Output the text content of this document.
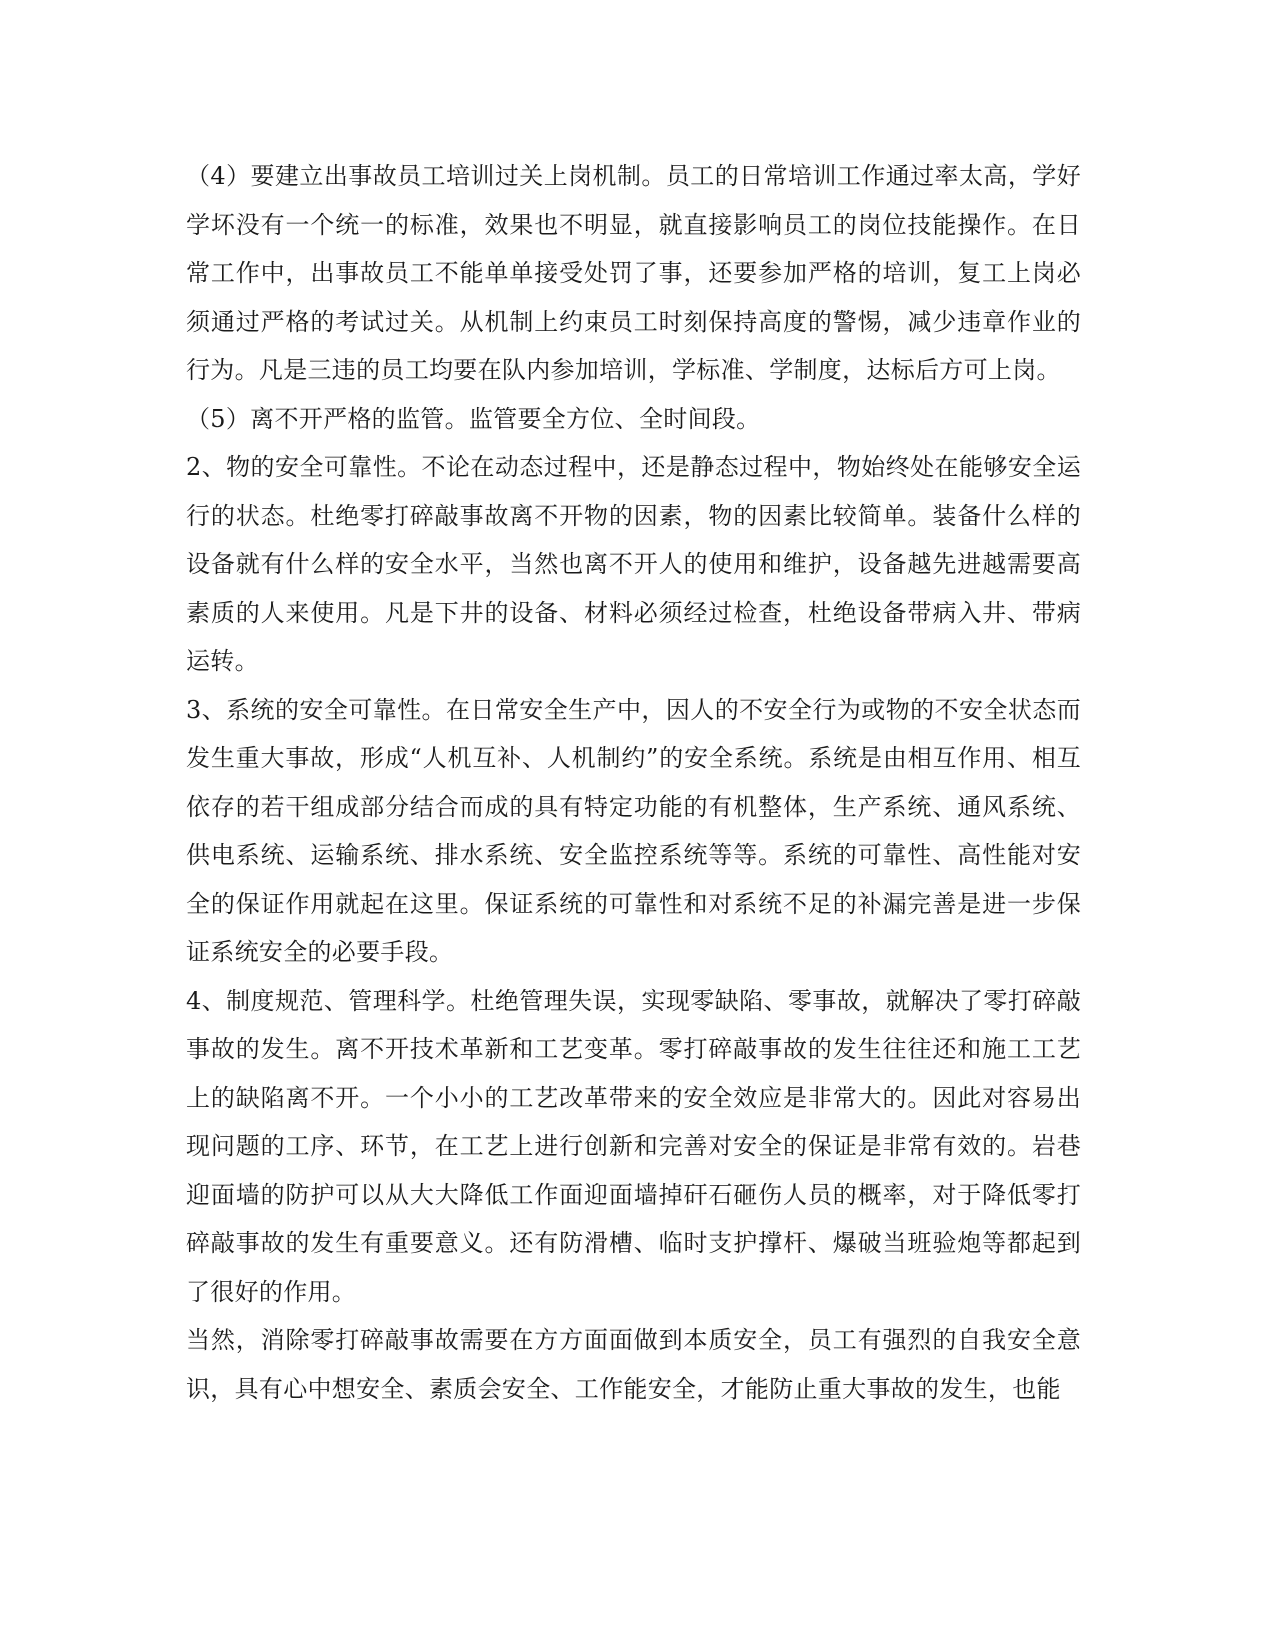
（4）要建立出事故员工培训过关上岗机制。员工的日常培训工作通过率太高，学好学坏没有一个统一的标准，效果也不明显，就直接影响员工的岗位技能操作。在日常工作中，出事故员工不能单单接受处罚了事，还要参加严格的培训，复工上岗必须通过严格的考试过关。从机制上约束员工时刻保持高度的警惕，减少违章作业的行为。凡是三违的员工均要在队内参加培训，学标准、学制度，达标后方可上岗。

（5）离不开严格的监管。监管要全方位、全时间段。

2、物的安全可靠性。不论在动态过程中，还是静态过程中，物始终处在能够安全运行的状态。杜绝零打碎敲事故离不开物的因素，物的因素比较简单。装备什么样的设备就有什么样的安全水平，当然也离不开人的使用和维护，设备越先进越需要高素质的人来使用。凡是下井的设备、材料必须经过检查，杜绝设备带病入井、带病运转。

3、系统的安全可靠性。在日常安全生产中，因人的不安全行为或物的不安全状态而发生重大事故，形成“人机互补、人机制约”的安全系统。系统是由相互作用、相互依存的若干组成部分结合而成的具有特定功能的有机整体，生产系统、通风系统、供电系统、运输系统、排水系统、安全监控系统等等。系统的可靠性、高性能对安全的保证作用就起在这里。保证系统的可靠性和对系统不足的补漏完善是进一步保证系统安全的必要手段。

4、制度规范、管理科学。杜绝管理失误，实现零缺陷、零事故，就解决了零打碎敲事故的发生。离不开技术革新和工艺变革。零打碎敲事故的发生往往还和施工工艺上的缺陷离不开。一个小小的工艺改革带来的安全效应是非常大的。因此对容易出现问题的工序、环节，在工艺上进行创新和完善对安全的保证是非常有效的。岩巷迎面墙的防护可以从大大降低工作面迎面墙掉矸石砸伤人员的概率，对于降低零打碎敲事故的发生有重要意义。还有防滑槽、临时支护撑杆、爆破当班验炮等都起到了很好的作用。

当然，消除零打碎敲事故需要在方方面面做到本质安全，员工有强烈的自我安全意识，具有心中想安全、素质会安全、工作能安全，才能防止重大事故的发生，也能
